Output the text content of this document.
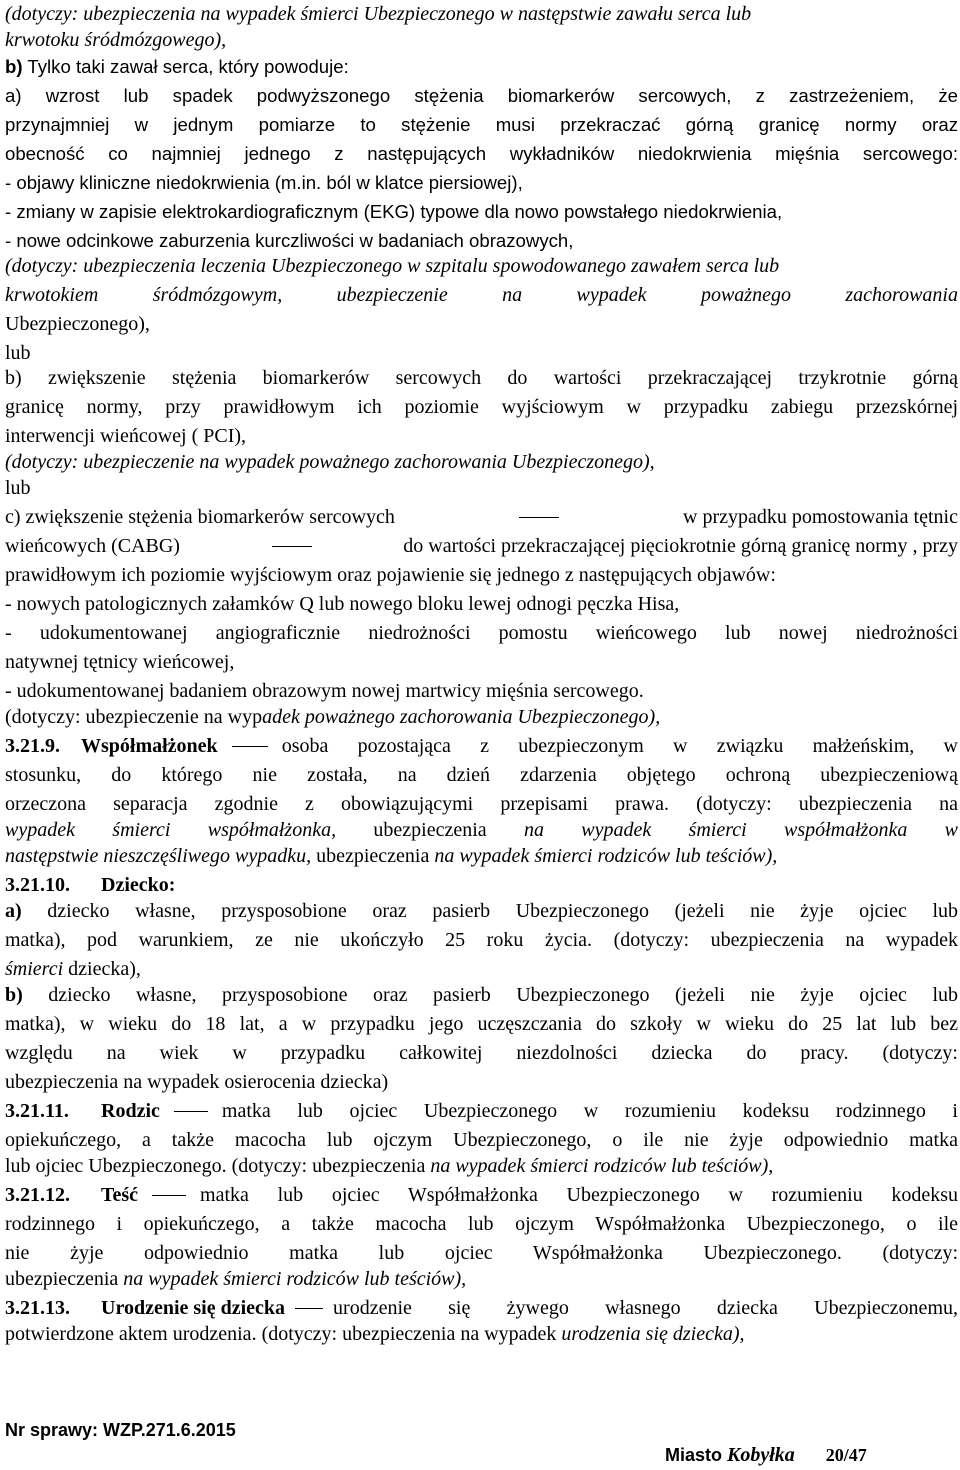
(dotyczy: ubezpieczenia na wypadek śmierci Ubezpieczonego w następstwie zawału serca lub
krwotoku śródmózgowego),
b) Tylko taki zawał serca, który powoduje:
a) wzrost lub spadek podwyższonego stężenia biomarkerów sercowych, z zastrzeżeniem, że
przynajmniej w jednym pomiarze to stężenie musi przekraczać górną granicę normy oraz
obecność co najmniej jednego z następujących wykładników niedokrwienia mięśnia sercowego:
- objawy kliniczne niedokrwienia (m.in. ból w klatce piersiowej),
- zmiany w zapisie elektrokardiograficznym (EKG) typowe dla nowo powstałego niedokrwienia,
- nowe odcinkowe zaburzenia kurczliwości w badaniach obrazowych,
(dotyczy: ubezpieczenia leczenia Ubezpieczonego w szpitalu spowodowanego zawałem serca lub
krwotokiem śródmózgowym, ubezpieczenie na wypadek poważnego zachorowania
Ubezpieczonego),
lub
b) zwiększenie stężenia biomarkerów sercowych do wartości przekraczającej trzykrotnie górną
granicę normy, przy prawidłowym ich poziomie wyjściowym w przypadku zabiegu przezskórnej
interwencji wieńcowej ( PCI),
(dotyczy: ubezpieczenie na wypadek poważnego zachorowania Ubezpieczonego),
lub
c) zwiększenie stężenia biomarkerów sercowych	w przypadku pomostowania tętnic
wieńcowych (CABG)	do wartości przekraczającej pięciokrotnie górną granicę normy , przy
prawidłowym ich poziomie wyjściowym oraz pojawienie się jednego z następujących objawów:
- nowych patologicznych załamków Q lub nowego bloku lewej odnogi pęczka Hisa,
- udokumentowanej angiograficznie niedrożności pomostu wieńcowego lub nowej niedrożności
natywnej tętnicy wieńcowej,
- udokumentowanej badaniem obrazowym nowej martwicy mięśnia sercowego.
(dotyczy: ubezpieczenie na wypadek poważnego zachorowania Ubezpieczonego),
3.21.9.	Współmałżonek	osoba pozostająca z ubezpieczonym w związku małżeńskim, w
stosunku, do którego nie została, na dzień zdarzenia objętego ochroną ubezpieczeniową
orzeczona separacja zgodnie z obowiązującymi przepisami prawa. (dotyczy: ubezpieczenia na
wypadek śmierci współmałżonka, ubezpieczenia na wypadek śmierci współmałżonka w
następstwie nieszczęśliwego wypadku, ubezpieczenia na wypadek śmierci rodziców lub teściów),
3.21.10. Dziecko:
a) dziecko własne, przysposobione oraz pasierb Ubezpieczonego (jeżeli nie żyje ojciec lub
matka), pod warunkiem, ze nie ukończyło 25 roku życia. (dotyczy: ubezpieczenia na wypadek
śmierci dziecka),
b) dziecko własne, przysposobione oraz pasierb Ubezpieczonego (jeżeli nie żyje ojciec lub
matka), w wieku do 18 lat, a w przypadku jego uczęszczania do szkoły w wieku do 25 lat lub bez
względu na wiek w przypadku całkowitej niezdolności dziecka do pracy. (dotyczy:
ubezpieczenia na wypadek osierocenia dziecka)
3.21.11.	Rodzic	matka lub ojciec Ubezpieczonego w rozumieniu kodeksu rodzinnego i
opiekuńczego, a także macocha lub ojczym Ubezpieczonego, o ile nie żyje odpowiednio matka
lub ojciec Ubezpieczonego. (dotyczy: ubezpieczenia na wypadek śmierci rodziców lub teściów),
3.21.12.	Teść	matka lub ojciec Współmałżonka Ubezpieczonego w rozumieniu kodeksu
rodzinnego i opiekuńczego, a także macocha lub ojczym Współmałżonka Ubezpieczonego, o ile
nie żyje odpowiednio matka lub ojciec Współmałżonka Ubezpieczonego. (dotyczy:
ubezpieczenia na wypadek śmierci rodziców lub teściów),
3.21.13.	Urodzenie się dziecka urodzenie się żywego własnego dziecka Ubezpieczonemu,
potwierdzone aktem urodzenia. (dotyczy: ubezpieczenia na wypadek urodzenia się dziecka),
Nr sprawy: WZP.271.6.2015
Miasto Kobyłka 20/47
